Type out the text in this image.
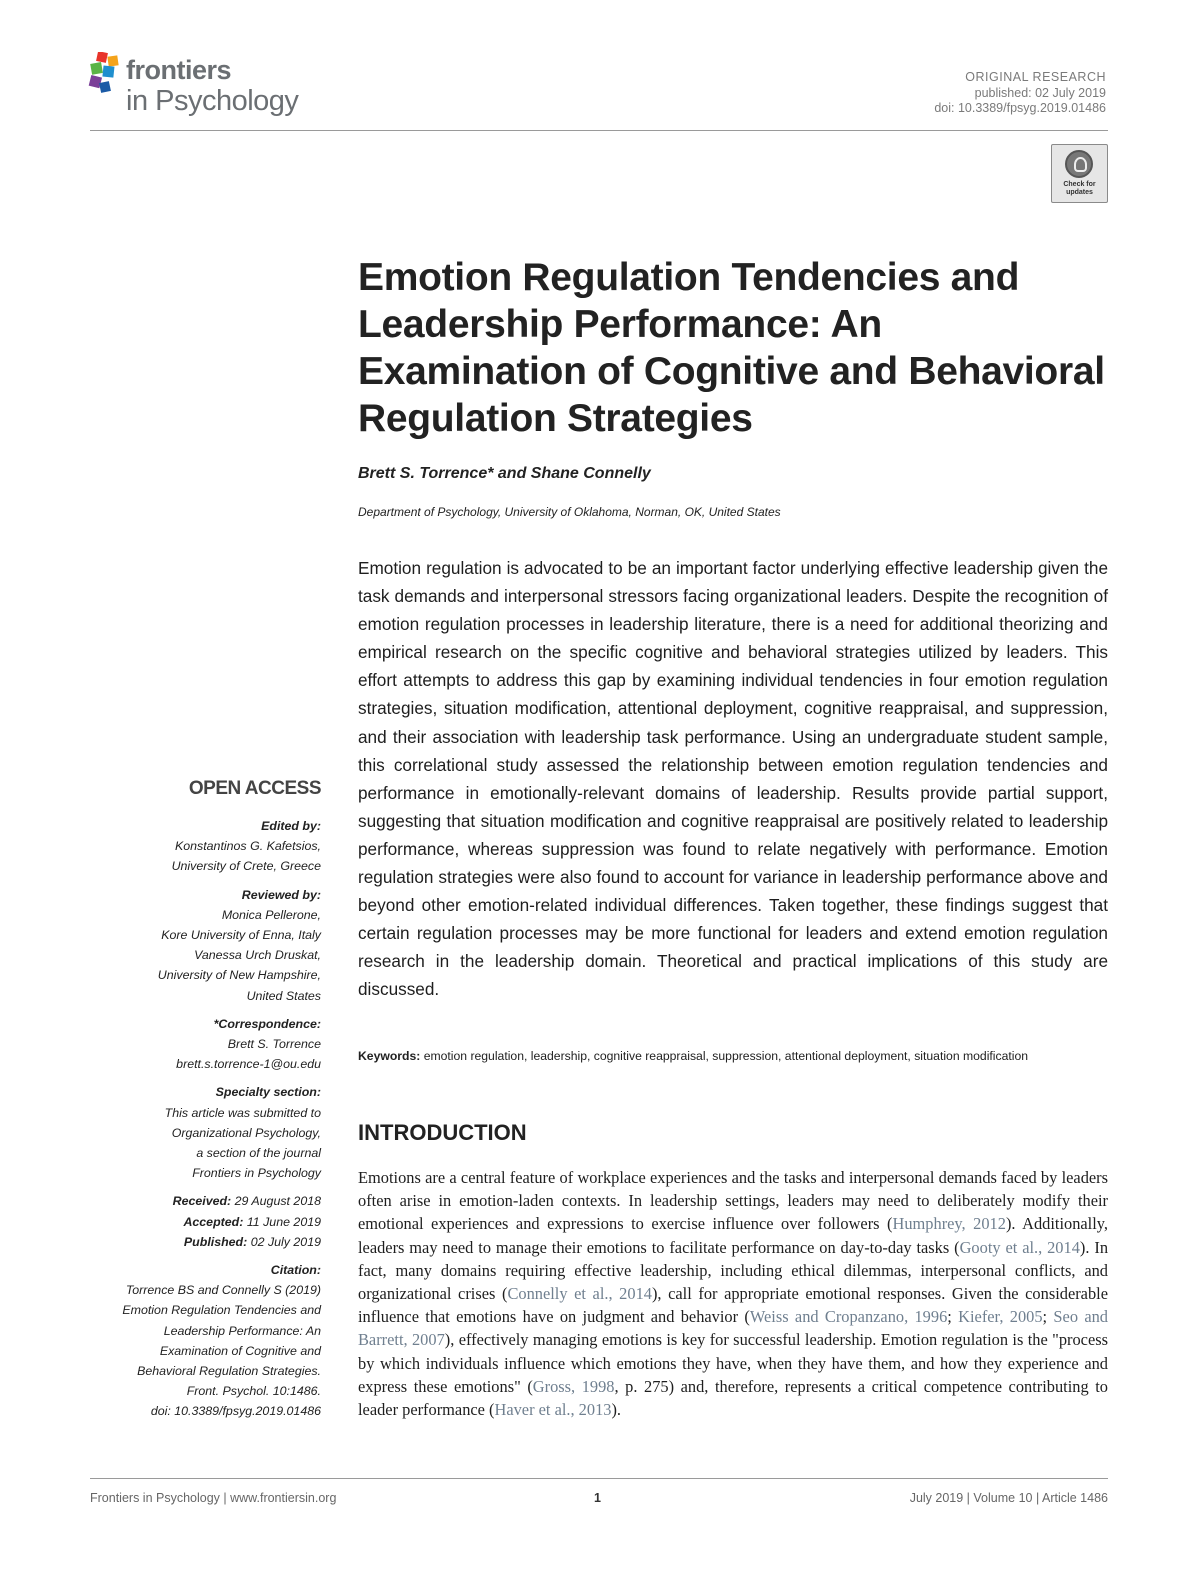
frontiers
in Psychology
ORIGINAL RESEARCH
published: 02 July 2019
doi: 10.3389/fpsyg.2019.01486
Check for
updates
Emotion Regulation Tendencies and Leadership Performance: An Examination of Cognitive and Behavioral Regulation Strategies
Brett S. Torrence* and Shane Connelly
Department of Psychology, University of Oklahoma, Norman, OK, United States
Emotion regulation is advocated to be an important factor underlying effective leadership given the task demands and interpersonal stressors facing organizational leaders. Despite the recognition of emotion regulation processes in leadership literature, there is a need for additional theorizing and empirical research on the specific cognitive and behavioral strategies utilized by leaders. This effort attempts to address this gap by examining individual tendencies in four emotion regulation strategies, situation modification, attentional deployment, cognitive reappraisal, and suppression, and their association with leadership task performance. Using an undergraduate student sample, this correlational study assessed the relationship between emotion regulation tendencies and performance in emotionally-relevant domains of leadership. Results provide partial support, suggesting that situation modification and cognitive reappraisal are positively related to leadership performance, whereas suppression was found to relate negatively with performance. Emotion regulation strategies were also found to account for variance in leadership performance above and beyond other emotion-related individual differences. Taken together, these findings suggest that certain regulation processes may be more functional for leaders and extend emotion regulation research in the leadership domain. Theoretical and practical implications of this study are discussed.
Keywords: emotion regulation, leadership, cognitive reappraisal, suppression, attentional deployment, situation modification
INTRODUCTION
Emotions are a central feature of workplace experiences and the tasks and interpersonal demands faced by leaders often arise in emotion-laden contexts. In leadership settings, leaders may need to deliberately modify their emotional experiences and expressions to exercise influence over followers (Humphrey, 2012). Additionally, leaders may need to manage their emotions to facilitate performance on day-to-day tasks (Gooty et al., 2014). In fact, many domains requiring effective leadership, including ethical dilemmas, interpersonal conflicts, and organizational crises (Connelly et al., 2014), call for appropriate emotional responses. Given the considerable influence that emotions have on judgment and behavior (Weiss and Cropanzano, 1996; Kiefer, 2005; Seo and Barrett, 2007), effectively managing emotions is key for successful leadership. Emotion regulation is the "process by which individuals influence which emotions they have, when they have them, and how they experience and express these emotions" (Gross, 1998, p. 275) and, therefore, represents a critical competence contributing to leader performance (Haver et al., 2013).
OPEN ACCESS
Edited by:
Konstantinos G. Kafetsios,
University of Crete, Greece
Reviewed by:
Monica Pellerone,
Kore University of Enna, Italy
Vanessa Urch Druskat,
University of New Hampshire,
United States
*Correspondence:
Brett S. Torrence
brett.s.torrence-1@ou.edu
Specialty section:
This article was submitted to
Organizational Psychology,
a section of the journal
Frontiers in Psychology
Received: 29 August 2018
Accepted: 11 June 2019
Published: 02 July 2019
Citation:
Torrence BS and Connelly S (2019)
Emotion Regulation Tendencies and
Leadership Performance: An
Examination of Cognitive and
Behavioral Regulation Strategies.
Front. Psychol. 10:1486.
doi: 10.3389/fpsyg.2019.01486
Frontiers in Psychology | www.frontiersin.org	1	July 2019 | Volume 10 | Article 1486
